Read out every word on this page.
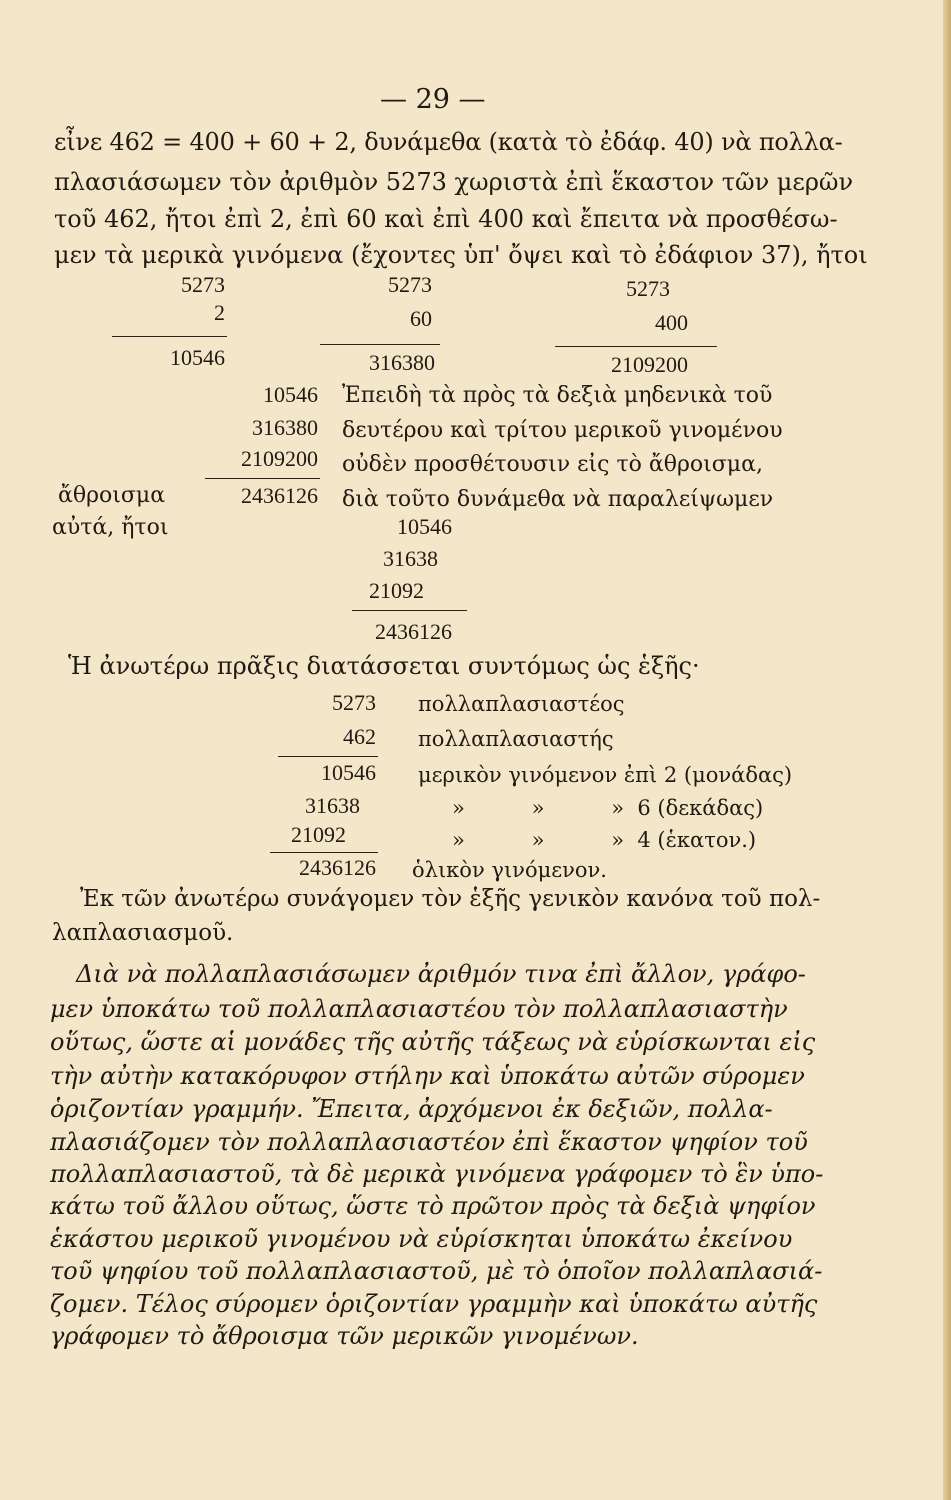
— 29 —
εἶνε 462 = 400 + 60 + 2, δυνάμεθα (κατὰ τὸ ἐδάφ. 40) νὰ πολλα-
πλασιάσωμεν τὸν ἀριθμὸν 5273 χωριστὰ ἐπὶ ἕκαστον τῶν μερῶν
τοῦ 462, ἤτοι ἐπὶ 2, ἐπὶ 60 καὶ ἐπὶ 400 καὶ ἔπειτα νὰ προσθέσω-
μεν τὰ μερικὰ γινόμενα (ἔχοντες ὑπ' ὄψει καὶ τὸ ἐδάφιον 37), ἤτοι
5273
2
10546
5273
60
316380
5273
400
2109200
10546
316380
2109200
2436126
ἄθροισμα
αὐτά, ἤτοι
Ἐπειδὴ τὰ πρὸς τὰ δεξιὰ μηδενικὰ τοῦ
δευτέρου καὶ τρίτου μερικοῦ γινομένου
οὐδὲν προσθέτουσιν εἰς τὸ ἄθροισμα,
διὰ τοῦτο δυνάμεθα νὰ παραλείψωμεν
10546
31638
21092
2436126
Ἡ ἀνωτέρω πρᾶξις διατάσσεται συντόμως ὡς ἑξῆς·
5273 πολλαπλασιαστέος
462 πολλαπλασιαστής
10546 μερικὸν γινόμενον ἐπὶ 2 (μονάδας)
31638	»          »          »  6 (δεκάδας)
21092	»          »          »  4 (ἑκατον.)
2436126 ὁλικὸν γινόμενον.
Ἐκ τῶν ἀνωτέρω συνάγομεν τὸν ἑξῆς γενικὸν κανόνα τοῦ πολ-
λαπλασιασμοῦ.
Διὰ νὰ πολλαπλασιάσωμεν ἀριθμόν τινα ἐπὶ ἄλλον, γράφο-
μεν ὑποκάτω τοῦ πολλαπλασιαστέου τὸν πολλαπλασιαστὴν
οὕτως, ὥστε αἱ μονάδες τῆς αὐτῆς τάξεως νὰ εὑρίσκωνται εἰς
τὴν αὐτὴν κατακόρυφον στήλην καὶ ὑποκάτω αὐτῶν σύρομεν
ὁριζοντίαν γραμμήν. Ἔπειτα, ἀρχόμενοι ἐκ δεξιῶν, πολλα-
πλασιάζομεν τὸν πολλαπλασιαστέον ἐπὶ ἕκαστον ψηφίον τοῦ
πολλαπλασιαστοῦ, τὰ δὲ μερικὰ γινόμενα γράφομεν τὸ ἓν ὑπο-
κάτω τοῦ ἄλλου οὕτως, ὥστε τὸ πρῶτον πρὸς τὰ δεξιὰ ψηφίον
ἑκάστου μερικοῦ γινομένου νὰ εὑρίσκηται ὑποκάτω ἐκείνου
τοῦ ψηφίου τοῦ πολλαπλασιαστοῦ, μὲ τὸ ὁποῖον πολλαπλασιά-
ζομεν. Τέλος σύρομεν ὁριζοντίαν γραμμὴν καὶ ὑποκάτω αὐτῆς
γράφομεν τὸ ἄθροισμα τῶν μερικῶν γινομένων.
